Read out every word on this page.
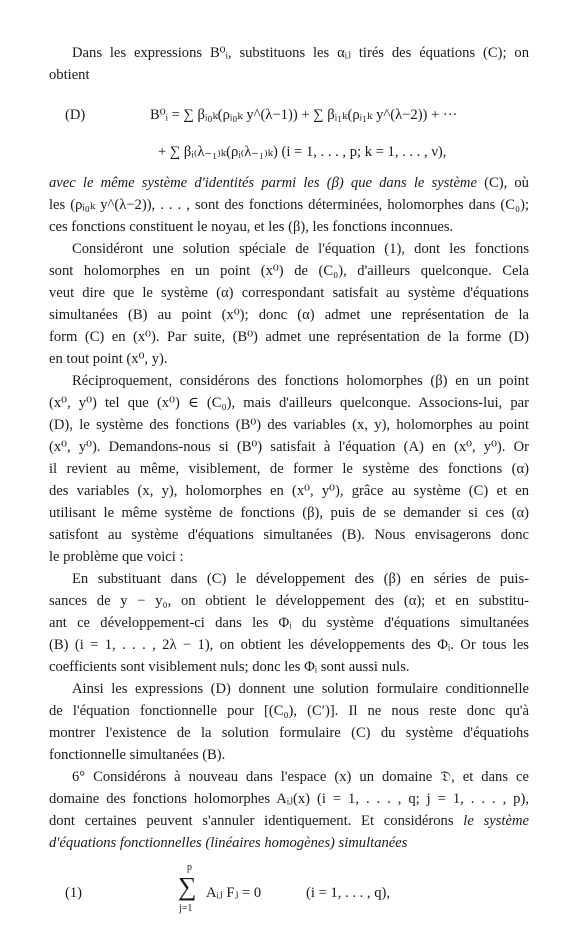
Dans les expressions B⁰ᵢ, substituons les αᵢⱼ tirés des équations (C); on
obtient
(D)	B⁰ᵢ = ∑ βᵢ₀ₖ(ρᵢ₀ₖ y^(λ−1)) + ∑ βᵢ₁ₖ(ρᵢ₁ₖ y^(λ−2)) + ···
+ ∑ βᵢ₍λ₋₁₎ₖ(ρᵢ₍λ₋₁₎ₖ) (i = 1, . . . , p; k = 1, . . . , ν),
avec le même système d'identités parmi les (β) que dans le système (C), où
les (ρᵢ₀ₖ y^(λ−2)), . . . , sont des fonctions déterminées, holomorphes dans (C₀);
ces fonctions constituent le noyau, et les (β), les fonctions inconnues.
Considéront une solution spéciale de l'équation (1), dont les fonctions
sont holomorphes en un point (x⁰) de (C₀), d'ailleurs quelconque. Cela
veut dire que le système (α) correspondant satisfait au système d'équations
simultanées (B) au point (x⁰); donc (α) admet une représentation de la
form (C) en (x⁰). Par suite, (B⁰) admet une représentation de la forme (D)
en tout point (x⁰, y).
Réciproquement, considérons des fonctions holomorphes (β) en un point
(x⁰, y⁰) tel que (x⁰) ∈ (C₀), mais d'ailleurs quelconque. Associons-lui, par
(D), le système des fonctions (B⁰) des variables (x, y), holomorphes au point
(x⁰, y⁰). Demandons-nous si (B⁰) satisfait à l'équation (A) en (x⁰, y⁰). Or
il revient au même, visiblement, de former le système des fonctions (α)
des variables (x, y), holomorphes en (x⁰, y⁰), grâce au système (C) et en
utilisant le même système de fonctions (β), puis de se demander si ces (α)
satisfont au système d'équations simultanées (B). Nous envisagerons donc
le problème que voici :
En substituant dans (C) le développement des (β) en séries de puis-
sances de y − y₀, on obtient le développement des (α); et en substitu-
ant ce développement-ci dans les Φᵢ du système d'équations simultanées
(B) (i = 1, . . . , 2λ − 1), on obtient les développements des Φᵢ. Or tous les
coefficients sont visiblement nuls; donc les Φᵢ sont aussi nuls.
Ainsi les expressions (D) donnent une solution formulaire conditionnelle
de l'équation fonctionnelle pour [(C₀), (C′)]. Il ne nous reste donc qu'à
montrer l'existence de la solution formulaire (C) du système d'équatiohs
fonctionnelle simultanées (B).
6° Considérons à nouveau dans l'espace (x) un domaine 𝔇, et dans ce
domaine des fonctions holomorphes Aᵢⱼ(x) (i = 1, . . . , q; j = 1, . . . , p),
dont certaines peuvent s'annuler identiquement. Et considérons le système
d'équations fonctionnelles (linéaires homogènes) simultanées
(1)
p
∑
j=1
Aᵢⱼ Fⱼ = 0	(i = 1, . . . , q),
